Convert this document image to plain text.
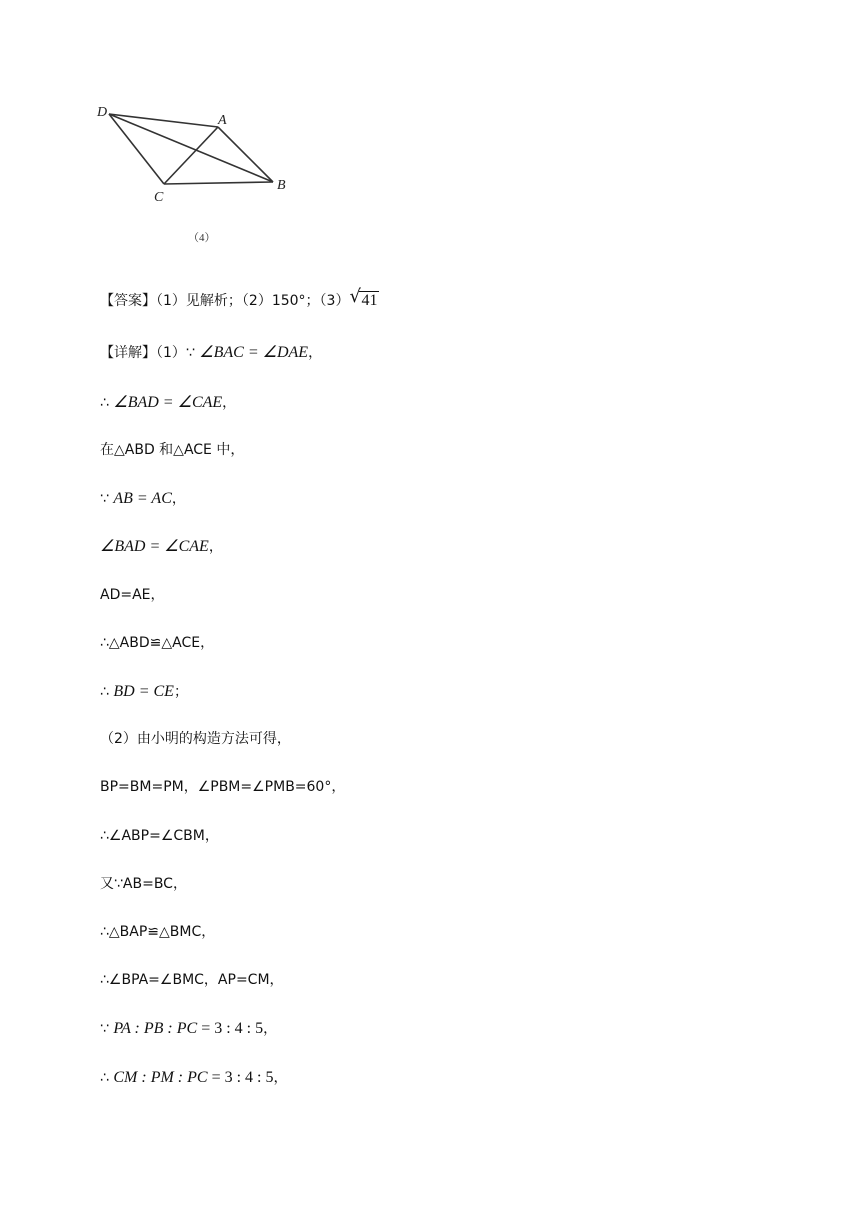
D
A
C
B
（4）
【答案】（1）见解析；（2）150°；（3） √ 41
【详解】（1）∵ ∠BAC = ∠DAE，
∴ ∠BAD = ∠CAE，
在△ABD 和△ACE 中，
∵ AB = AC，
∠BAD = ∠CAE，
AD=AE，
∴△ABD≌△ACE，
∴ BD = CE；
（2）由小明的构造方法可得，
BP=BM=PM，∠PBM=∠PMB=60°，
∴∠ABP=∠CBM，
又∵AB=BC，
∴△BAP≌△BMC，
∴∠BPA=∠BMC，AP=CM，
∵ PA : PB : PC = 3 : 4 : 5，
∴ CM : PM : PC = 3 : 4 : 5，
